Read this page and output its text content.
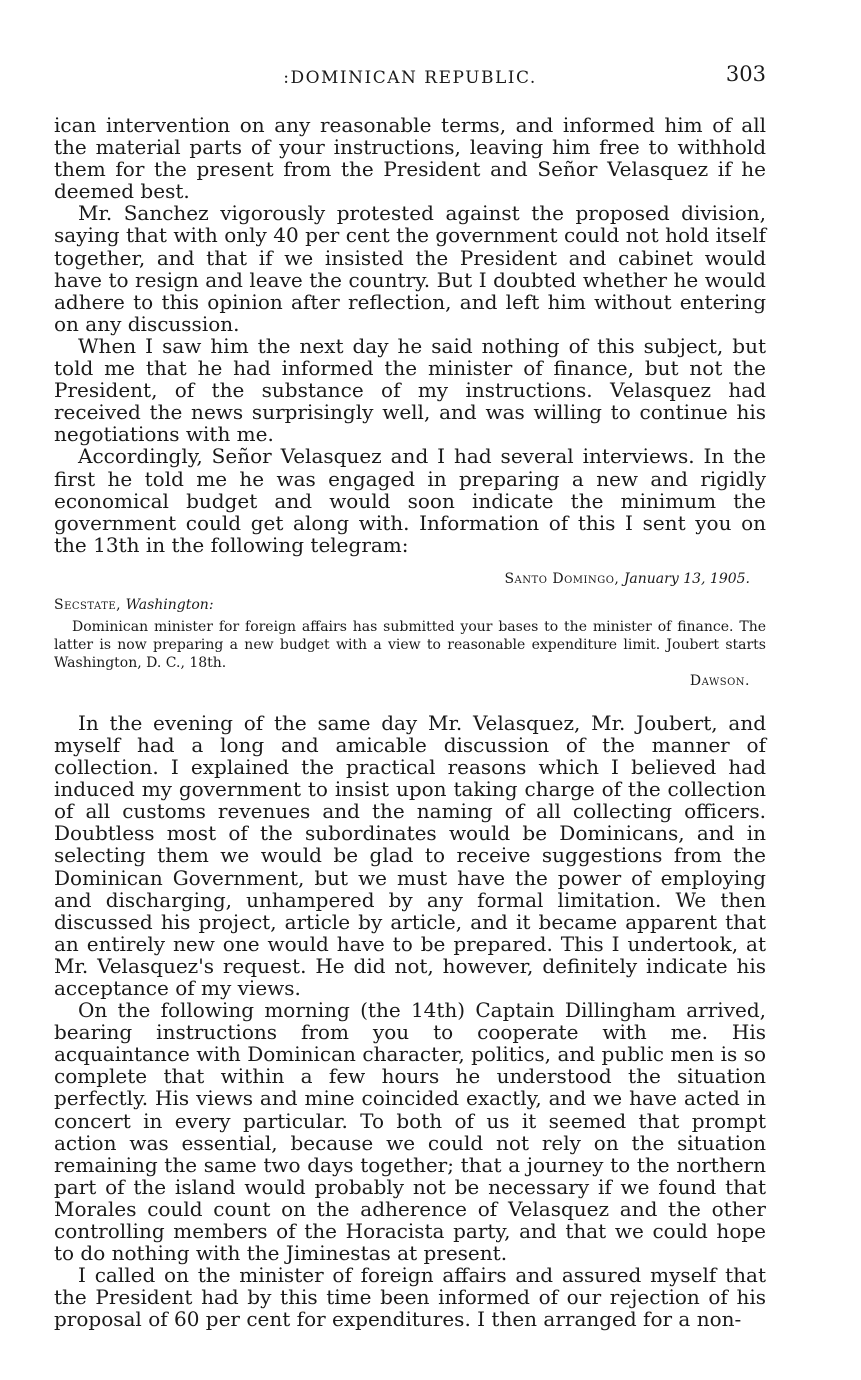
:DOMINICAN REPUBLIC.	303

ican intervention on any reasonable terms, and informed him of all the material parts of your instructions, leaving him free to withhold them for the present from the President and Señor Velasquez if he deemed best.

Mr. Sanchez vigorously protested against the proposed division, saying that with only 40 per cent the government could not hold itself together, and that if we insisted the President and cabinet would have to resign and leave the country. But I doubted whether he would adhere to this opinion after reflection, and left him without entering on any discussion.

When I saw him the next day he said nothing of this subject, but told me that he had informed the minister of finance, but not the President, of the substance of my instructions. Velasquez had received the news surprisingly well, and was willing to continue his negotiations with me.

Accordingly, Señor Velasquez and I had several interviews. In the first he told me he was engaged in preparing a new and rigidly economical budget and would soon indicate the minimum the government could get along with. Information of this I sent you on the 13th in the following telegram:

Santo Domingo, January 13, 1905.
Secstate, Washington:

Dominican minister for foreign affairs has submitted your bases to the minister of finance. The latter is now preparing a new budget with a view to reasonable expenditure limit. Joubert starts Washington, D. C., 18th.

Dawson.

In the evening of the same day Mr. Velasquez, Mr. Joubert, and myself had a long and amicable discussion of the manner of collection. I explained the practical reasons which I believed had induced my government to insist upon taking charge of the collection of all customs revenues and the naming of all collecting officers. Doubtless most of the subordinates would be Dominicans, and in selecting them we would be glad to receive suggestions from the Dominican Government, but we must have the power of employing and discharging, unhampered by any formal limitation. We then discussed his project, article by article, and it became apparent that an entirely new one would have to be prepared. This I undertook, at Mr. Velasquez's request. He did not, however, definitely indicate his acceptance of my views.

On the following morning (the 14th) Captain Dillingham arrived, bearing instructions from you to cooperate with me. His acquaintance with Dominican character, politics, and public men is so complete that within a few hours he understood the situation perfectly. His views and mine coincided exactly, and we have acted in concert in every particular. To both of us it seemed that prompt action was essential, because we could not rely on the situation remaining the same two days together; that a journey to the northern part of the island would probably not be necessary if we found that Morales could count on the adherence of Velasquez and the other controlling members of the Horacista party, and that we could hope to do nothing with the Jiminestas at present.

I called on the minister of foreign affairs and assured myself that the President had by this time been informed of our rejection of his proposal of 60 per cent for expenditures. I then arranged for a non-
